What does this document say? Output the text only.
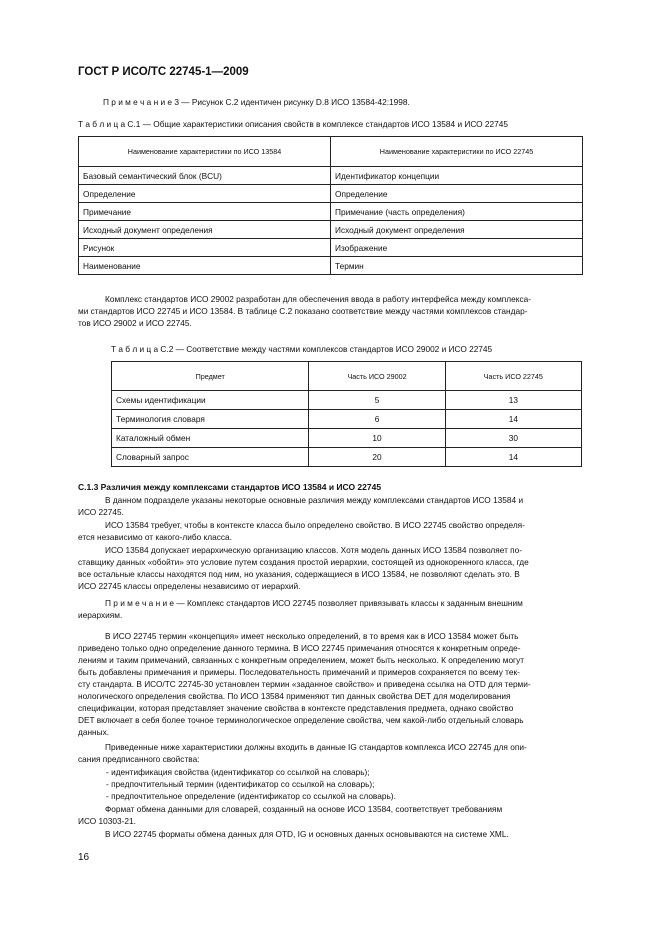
ГОСТ Р ИСО/ТС 22745-1—2009
П р и м е ч а н и е 3 — Рисунок С.2 идентичен рисунку D.8 ИСО 13584-42:1998.
Т а б л и ц а С.1 — Общие характеристики описания свойств в комплексе стандартов ИСО 13584 и ИСО 22745
Наименование характеристики по ИСО 13584	Наименование характеристики по ИСО 22745
Базовый семантический блок (BCU)	Идентификатор концепции
Определение	Определение
Примечание	Примечание (часть определения)
Исходный документ определения	Исходный документ определения
Рисунок	Изображение
Наименование	Термин
Комплекс стандартов ИСО 29002 разработан для обеспечения ввода в работу интерфейса между комплекса-
ми стандартов ИСО 22745 и ИСО 13584. В таблице С.2 показано соответствие между частями комплексов стандар-
тов ИСО 29002 и ИСО 22745.
Т а б л и ц а С.2 — Соответствие между частями комплексов стандартов ИСО 29002 и ИСО 22745
Предмет	Часть ИСО 29002	Часть ИСО 22745
Схемы идентификации	5	13
Терминология словаря	6	14
Каталожный обмен	10	30
Словарный запрос	20	14
С.1.3 Различия между комплексами стандартов ИСО 13584 и ИСО 22745
В данном подразделе указаны некоторые основные различия между комплексами стандартов ИСО 13584 и
ИСО 22745.
ИСО 13584 требует, чтобы в контексте класса было определено свойство. В ИСО 22745 свойство определя-
ется независимо от какого-либо класса.
ИСО 13584 допускает иерархическую организацию классов. Хотя модель данных ИСО 13584 позволяет по-
ставщику данных «обойти» это условие путем создания простой иерархии, состоящей из однокоренного класса, где
все остальные классы находятся под ним, но указания, содержащиеся в ИСО 13584, не позволяют сделать это. В
ИСО 22745 классы определены независимо от иерархий.
П р и м е ч а н и е — Комплекс стандартов ИСО 22745 позволяет привязывать классы к заданным внешним
иерархиям.
В ИСО 22745 термин «концепция» имеет несколько определений, в то время как в ИСО 13584 может быть
приведено только одно определение данного термина. В ИСО 22745 примечания относятся к конкретным опреде-
лениям и таким примечаний, связанных с конкретным определением, может быть несколько. К определению могут
быть добавлены примечания и примеры. Последовательность примечаний и примеров сохраняется по всему тек-
сту стандарта. В ИСО/ТС 22745-30 установлен термин «заданное свойство» и приведена ссылка на OTD для терми-
нологического определения свойства. По ИСО 13584 применяют тип данных свойства DET для моделирования
спецификации, которая представляет значение свойства в контексте представления предмета, однако свойство
DET включает в себя более точное терминологическое определение свойства, чем какой-либо отдельный словарь
данных.
Приведенные ниже характеристики должны входить в данные IG стандартов комплекса ИСО 22745 для опи-
сания предписанного свойства:
- идентификация свойства (идентификатор со ссылкой на словарь);
- предпочтительный термин (идентификатор со ссылкой на словарь);
- предпочтительное определение (идентификатор со ссылкой на словарь).
Формат обмена данными для словарей, созданный на основе ИСО 13584, соответствует требованиям
ИСО 10303-21.
В ИСО 22745 форматы обмена данных для OTD, IG и основных данных основываются на системе XML.
16
